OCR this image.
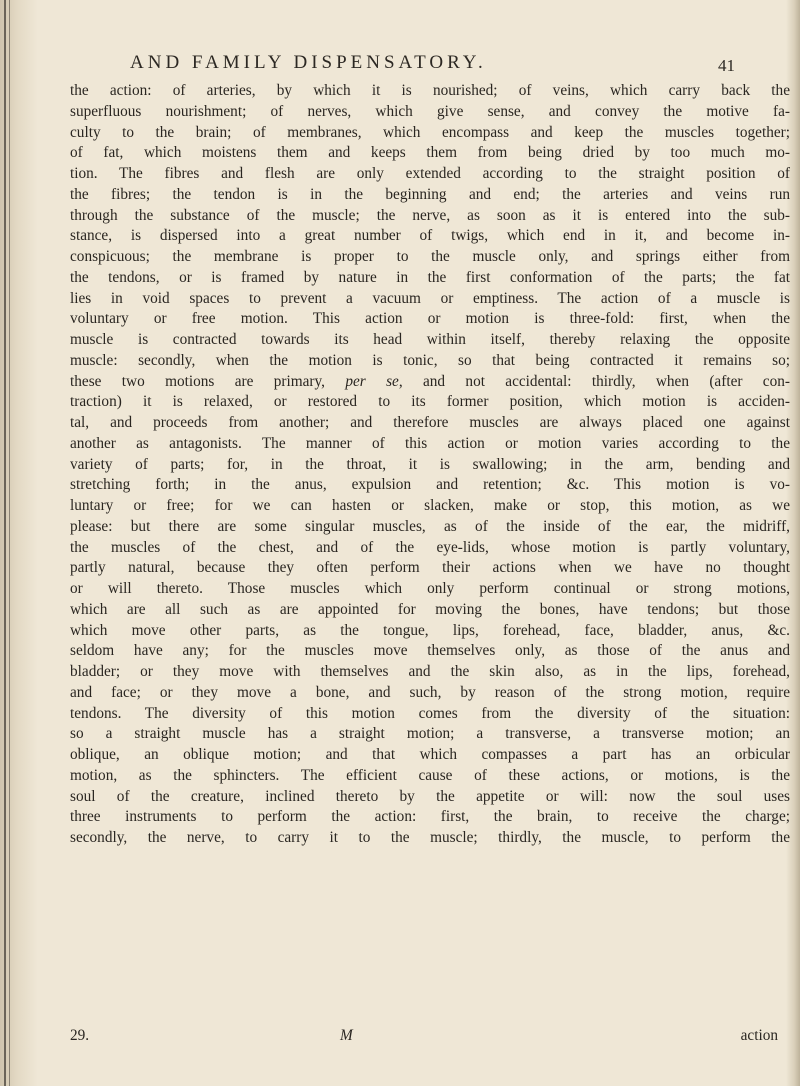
AND FAMILY DISPENSATORY.	41
the action: of arteries, by which it is nourished; of veins, which carry back the
superfluous nourishment; of nerves, which give sense, and convey the motive fa-
culty to the brain; of membranes, which encompass and keep the muscles together;
of fat, which moistens them and keeps them from being dried by too much mo-
tion. The fibres and flesh are only extended according to the straight position of
the fibres; the tendon is in the beginning and end; the arteries and veins run
through the substance of the muscle; the nerve, as soon as it is entered into the sub-
stance, is dispersed into a great number of twigs, which end in it, and become in-
conspicuous; the membrane is proper to the muscle only, and springs either from
the tendons, or is framed by nature in the first conformation of the parts; the fat
lies in void spaces to prevent a vacuum or emptiness. The action of a muscle is
voluntary or free motion. This action or motion is three-fold: first, when the
muscle is contracted towards its head within itself, thereby relaxing the opposite
muscle: secondly, when the motion is tonic, so that being contracted it remains so;
these two motions are primary, per se, and not accidental: thirdly, when (after con-
traction) it is relaxed, or restored to its former position, which motion is acciden-
tal, and proceeds from another; and therefore muscles are always placed one against
another as antagonists. The manner of this action or motion varies according to the
variety of parts; for, in the throat, it is swallowing; in the arm, bending and
stretching forth; in the anus, expulsion and retention; &c. This motion is vo-
luntary or free; for we can hasten or slacken, make or stop, this motion, as we
please: but there are some singular muscles, as of the inside of the ear, the midriff,
the muscles of the chest, and of the eye-lids, whose motion is partly voluntary,
partly natural, because they often perform their actions when we have no thought
or will thereto. Those muscles which only perform continual or strong motions,
which are all such as are appointed for moving the bones, have tendons; but those
which move other parts, as the tongue, lips, forehead, face, bladder, anus, &c.
seldom have any; for the muscles move themselves only, as those of the anus and
bladder; or they move with themselves and the skin also, as in the lips, forehead,
and face; or they move a bone, and such, by reason of the strong motion, require
tendons. The diversity of this motion comes from the diversity of the situation:
so a straight muscle has a straight motion; a transverse, a transverse motion; an
oblique, an oblique motion; and that which compasses a part has an orbicular
motion, as the sphincters. The efficient cause of these actions, or motions, is the
soul of the creature, inclined thereto by the appetite or will: now the soul uses
three instruments to perform the action: first, the brain, to receive the charge;
secondly, the nerve, to carry it to the muscle; thirdly, the muscle, to perform the
29.	M	action
